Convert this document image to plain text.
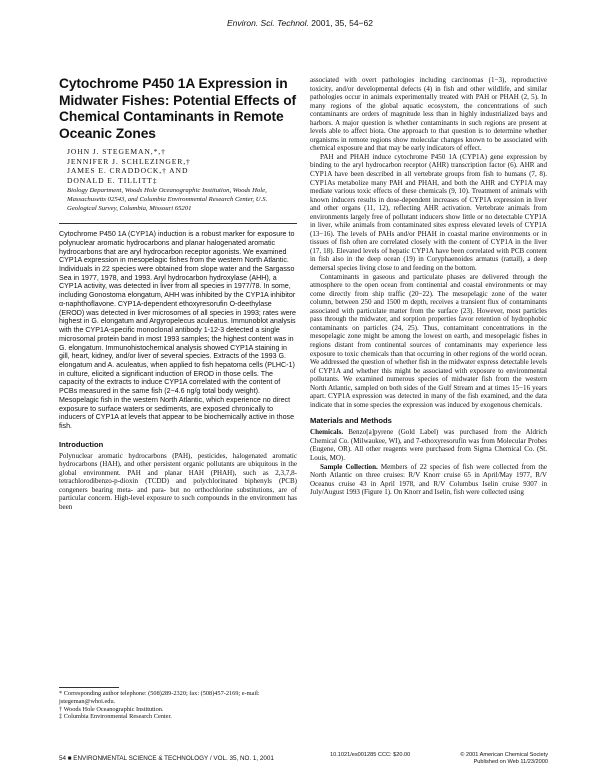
Environ. Sci. Technol. 2001, 35, 54−62
Cytochrome P450 1A Expression in Midwater Fishes: Potential Effects of Chemical Contaminants in Remote Oceanic Zones
JOHN J. STEGEMAN,*,†
JENNIFER J. SCHLEZINGER,†
JAMES E. CRADDOCK,† AND
DONALD E. TILLITT‡
Biology Department, Woods Hole Oceanographic Institution, Woods Hole, Massachusetts 02543, and Columbia Environmental Research Center, U.S. Geological Survey, Columbia, Missouri 65201
Cytochrome P450 1A (CYP1A) induction is a robust marker for exposure to polynuclear aromatic hydrocarbons and planar halogenated aromatic hydrocarbons that are aryl hydrocarbon receptor agonists. We examined CYP1A expression in mesopelagic fishes from the western North Atlantic. Individuals in 22 species were obtained from slope water and the Sargasso Sea in 1977, 1978, and 1993. Aryl hydrocarbon hydroxylase (AHH), a CYP1A activity, was detected in liver from all species in 1977/78. In some, including Gonostoma elongatum, AHH was inhibited by the CYP1A inhibitor α-naphthoflavone. CYP1A-dependent ethoxyresorufin O-deethylase (EROD) was detected in liver microsomes of all species in 1993; rates were highest in G. elongatum and Argyropelecus aculeatus. Immunoblot analysis with the CYP1A-specific monoclonal antibody 1-12-3 detected a single microsomal protein band in most 1993 samples; the highest content was in G. elongatum. Immunohistochemical analysis showed CYP1A staining in gill, heart, kidney, and/or liver of several species. Extracts of the 1993 G. elongatum and A. aculeatus, when applied to fish hepatoma cells (PLHC-1) in culture, elicited a significant induction of EROD in those cells. The capacity of the extracts to induce CYP1A correlated with the content of PCBs measured in the same fish (2−4.6 ng/g total body weight). Mesopelagic fish in the western North Atlantic, which experience no direct exposure to surface waters or sediments, are exposed chronically to inducers of CYP1A at levels that appear to be biochemically active in those fish.
Introduction

Polynuclear aromatic hydrocarbons (PAH), pesticides, halogenated aromatic hydrocarbons (HAH), and other persistent organic pollutants are ubiquitous in the global environment. PAH and planar HAH (PHAH), such as 2,3,7,8-tetrachlorodibenzo-p-dioxin (TCDD) and polychlorinated biphenyls (PCB) congeners bearing meta- and para- but no orthochlorine substitutions, are of particular concern. High-level exposure to such compounds in the environment has been

* Corresponding author telephone: (508)289-2320; fax: (508)457-2169; e-mail: jstegeman@whoi.edu.
† Woods Hole Oceanographic Institution.
‡ Columbia Environmental Research Center.

associated with overt pathologies including carcinomas (1−3), reproductive toxicity, and/or developmental defects (4) in fish and other wildlife, and similar pathologies occur in animals experimentally treated with PAH or PHAH (2, 5). In many regions of the global aquatic ecosystem, the concentrations of such contaminants are orders of magnitude less than in highly industrialized bays and harbors. A major question is whether contaminants in such regions are present at levels able to affect biota. One approach to that question is to determine whether organisms in remote regions show molecular changes known to be associated with chemical exposure and that may be early indicators of effect.

PAH and PHAH induce cytochrome P450 1A (CYP1A) gene expression by binding to the aryl hydrocarbon receptor (AHR) transcription factor (6). AHR and CYP1A have been described in all vertebrate groups from fish to humans (7, 8). CYP1As metabolize many PAH and PHAH, and both the AHR and CYP1A may mediate various toxic effects of these chemicals (9, 10). Treatment of animals with known inducers results in dose-dependent increases of CYP1A expression in liver and other organs (11, 12), reflecting AHR activation. Vertebrate animals from environments largely free of pollutant inducers show little or no detectable CYP1A in liver, while animals from contaminated sites express elevated levels of CYP1A (13−16). The levels of PAHs and/or PHAH in coastal marine environments or in tissues of fish often are correlated closely with the content of CYP1A in the liver (17, 18). Elevated levels of hepatic CYP1A have been correlated with PCB content in fish also in the deep ocean (19) in Coryphaenoides armatus (rattail), a deep demersal species living close to and feeding on the bottom.

Contaminants in gaseous and particulate phases are delivered through the atmosphere to the open ocean from continental and coastal environments or may come directly from ship traffic (20−22). The mesopelagic zone of the water column, between 250 and 1500 m depth, receives a transient flux of contaminants associated with particulate matter from the surface (23). However, most particles pass through the midwater, and sorption properties favor retention of hydrophobic contaminants on particles (24, 25). Thus, contaminant concentrations in the mesopelagic zone might be among the lowest on earth, and mesopelagic fishes in regions distant from continental sources of contaminants may experience less exposure to toxic chemicals than that occurring in other regions of the world ocean. We addressed the question of whether fish in the midwater express detectable levels of CYP1A and whether this might be associated with exposure to environmental pollutants. We examined numerous species of midwater fish from the western North Atlantic, sampled on both sides of the Gulf Stream and at times 15−16 years apart. CYP1A expression was detected in many of the fish examined, and the data indicate that in some species the expression was induced by exogenous chemicals.

Materials and Methods

Chemicals. Benzo[a]pyrene (Gold Label) was purchased from the Aldrich Chemical Co. (Milwaukee, WI), and 7-ethoxyresorufin was from Molecular Probes (Eugene, OR). All other reagents were purchased from Sigma Chemical Co. (St. Louis, MO).

Sample Collection. Members of 22 species of fish were collected from the North Atlantic on three cruises: R/V Knorr cruise 65 in April/May 1977, R/V Oceanus cruise 43 in April 1978, and R/V Columbus Iselin cruise 9307 in July/August 1993 (Figure 1). On Knorr and Iselin, fish were collected using

54 ■ ENVIRONMENTAL SCIENCE & TECHNOLOGY / VOL. 35, NO. 1, 2001	10.1021/es001285 CCC: $20.00	© 2001 American Chemical Society
Published on Web 11/23/2000
